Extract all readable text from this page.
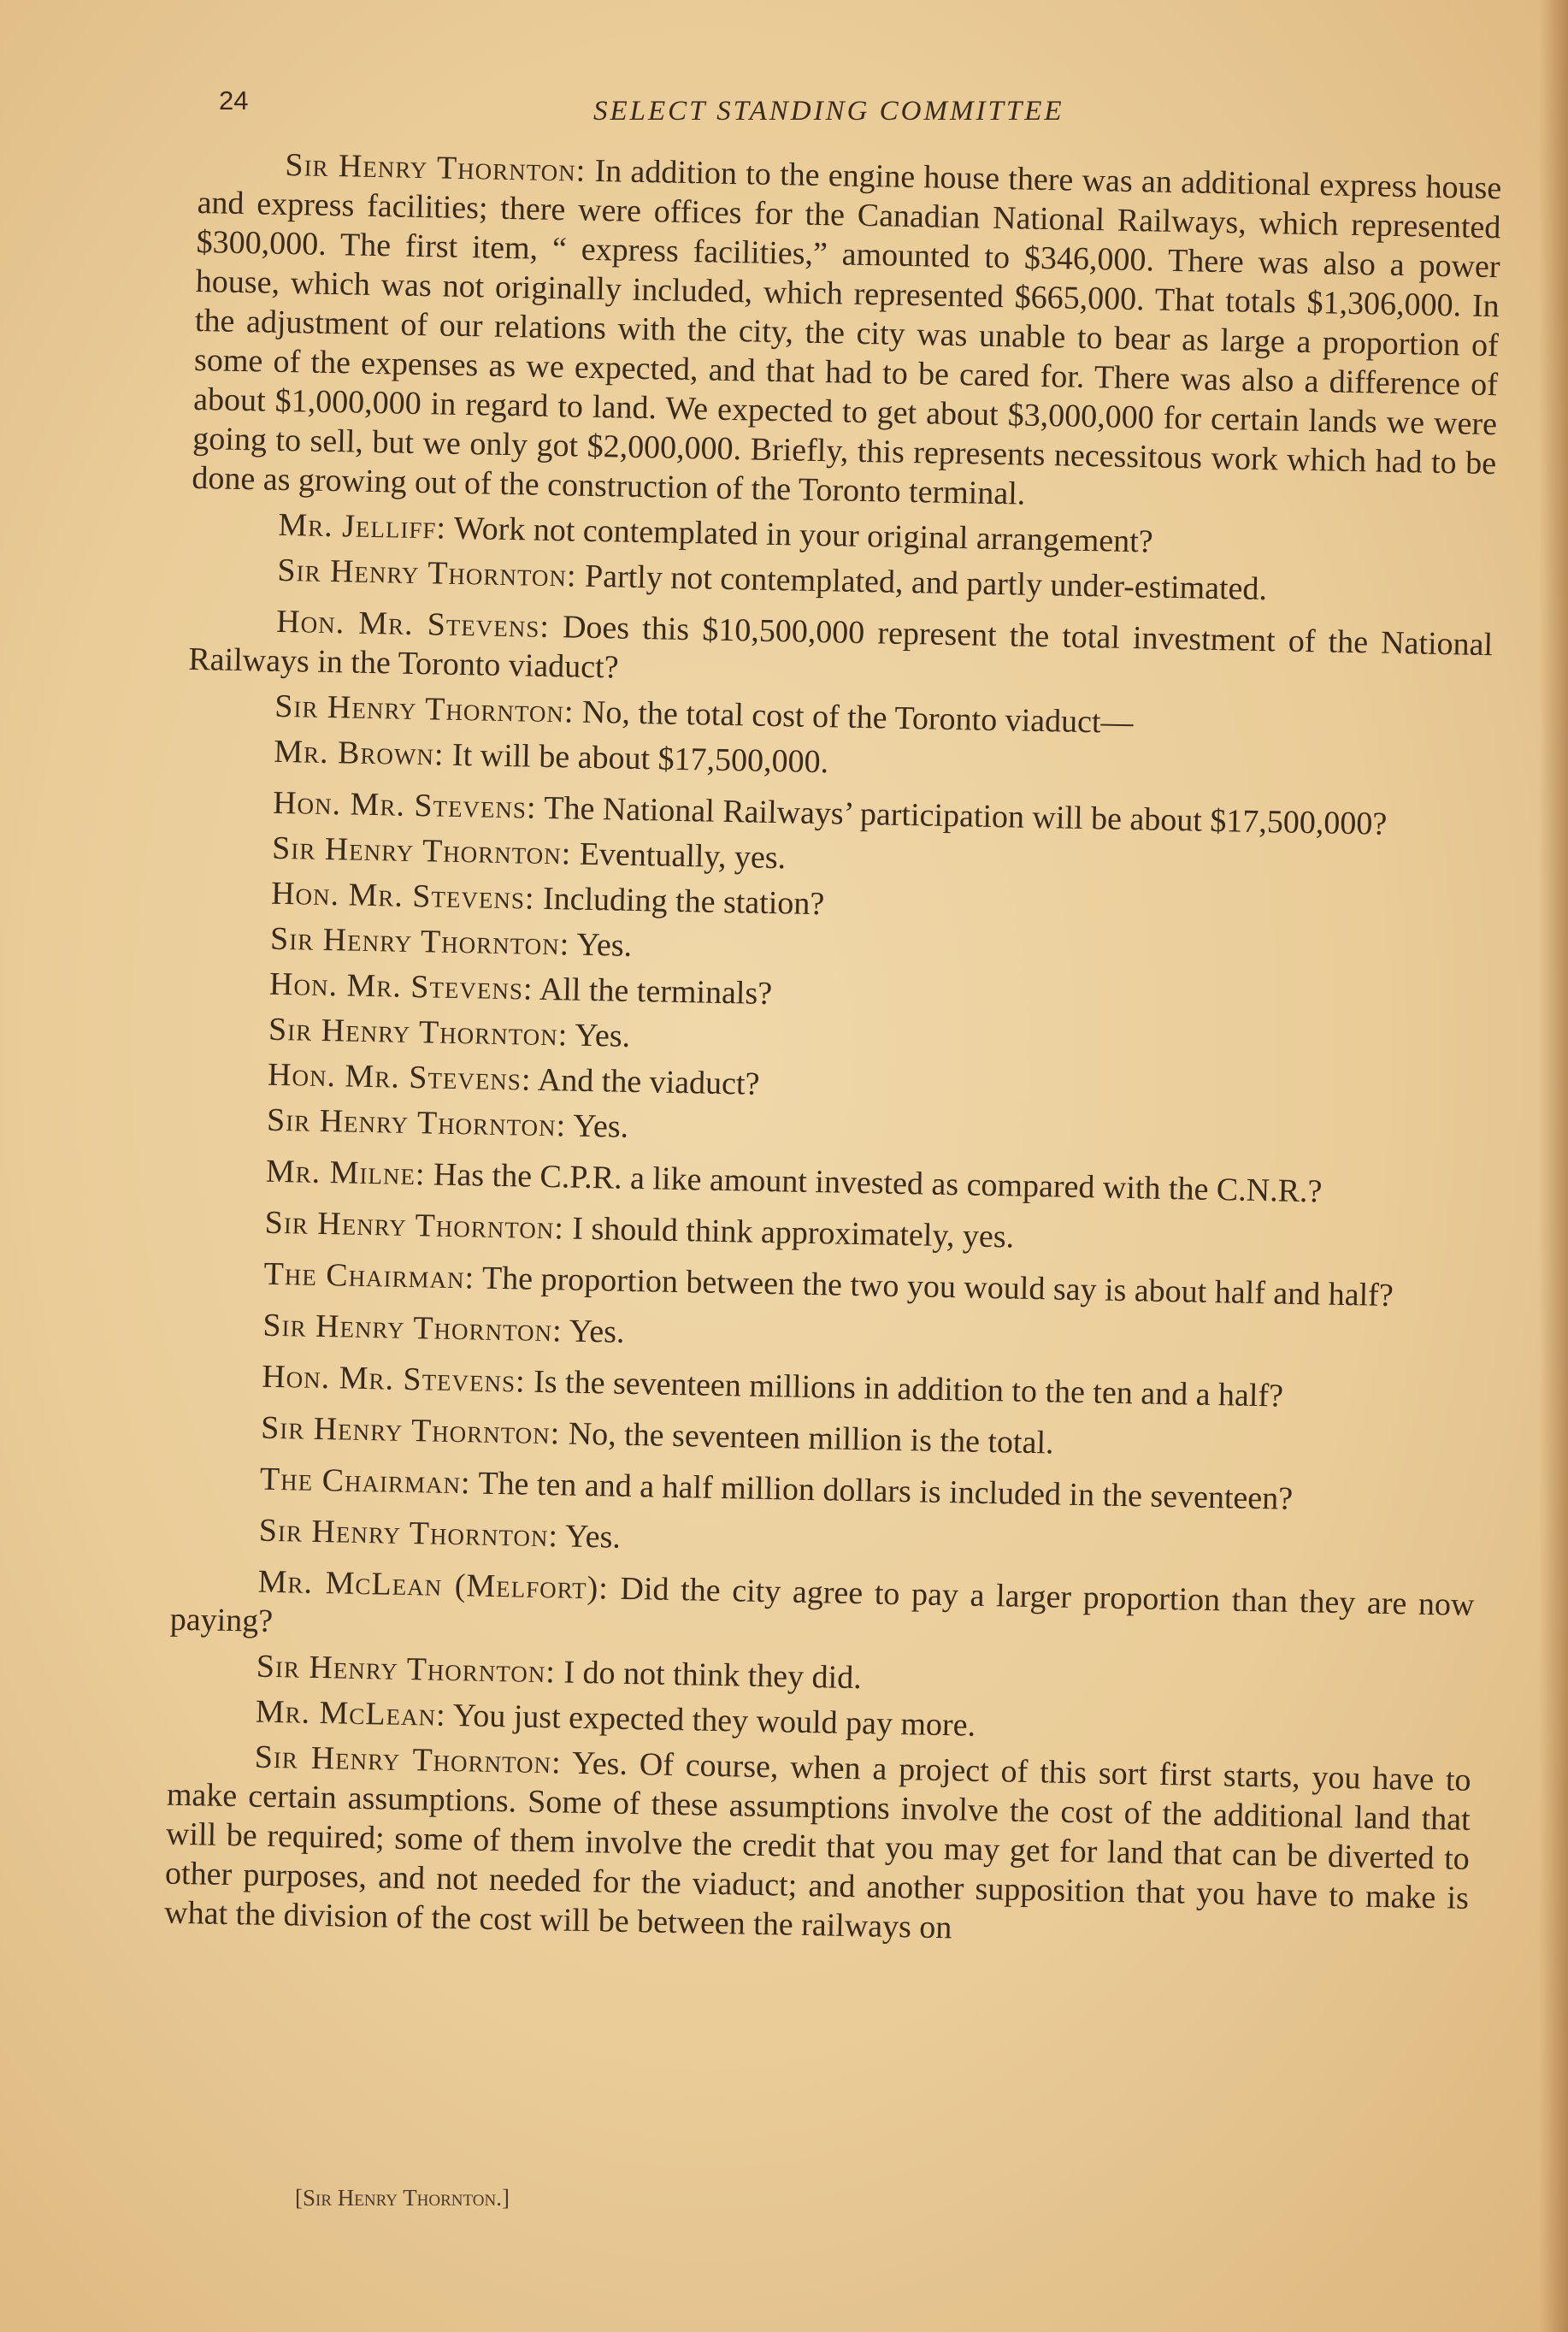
24	SELECT STANDING COMMITTEE

Sir Henry Thornton: In addition to the engine house there was an additional express house and express facilities; there were offices for the Canadian National Railways, which represented $300,000. The first item, “ express facilities,” amounted to $346,000. There was also a power house, which was not originally included, which represented $665,000. That totals $1,306,000. In the adjustment of our relations with the city, the city was unable to bear as large a proportion of some of the expenses as we expected, and that had to be cared for. There was also a difference of about $1,000,000 in regard to land. We expected to get about $3,000,000 for certain lands we were going to sell, but we only got $2,000,000. Briefly, this represents necessitous work which had to be done as growing out of the construction of the Toronto terminal.

Mr. Jelliff: Work not contemplated in your original arrangement?

Sir Henry Thornton: Partly not contemplated, and partly under-estimated.

Hon. Mr. Stevens: Does this $10,500,000 represent the total investment of the National Railways in the Toronto viaduct?

Sir Henry Thornton: No, the total cost of the Toronto viaduct—

Mr. Brown: It will be about $17,500,000.

Hon. Mr. Stevens: The National Railways’ participation will be about $17,500,000?

Sir Henry Thornton: Eventually, yes.

Hon. Mr. Stevens: Including the station?

Sir Henry Thornton: Yes.

Hon. Mr. Stevens: All the terminals?

Sir Henry Thornton: Yes.

Hon. Mr. Stevens: And the viaduct?

Sir Henry Thornton: Yes.

Mr. Milne: Has the C.P.R. a like amount invested as compared with the C.N.R.?

Sir Henry Thornton: I should think approximately, yes.

The Chairman: The proportion between the two you would say is about half and half?

Sir Henry Thornton: Yes.

Hon. Mr. Stevens: Is the seventeen millions in addition to the ten and a half?

Sir Henry Thornton: No, the seventeen million is the total.

The Chairman: The ten and a half million dollars is included in the seventeen?

Sir Henry Thornton: Yes.

Mr. McLean (Melfort): Did the city agree to pay a larger proportion than they are now paying?

Sir Henry Thornton: I do not think they did.

Mr. McLean: You just expected they would pay more.

Sir Henry Thornton: Yes. Of course, when a project of this sort first starts, you have to make certain assumptions. Some of these assumptions involve the cost of the additional land that will be required; some of them involve the credit that you may get for land that can be diverted to other purposes, and not needed for the viaduct; and another supposition that you have to make is what the division of the cost will be between the railways on

[Sir Henry Thornton.]
